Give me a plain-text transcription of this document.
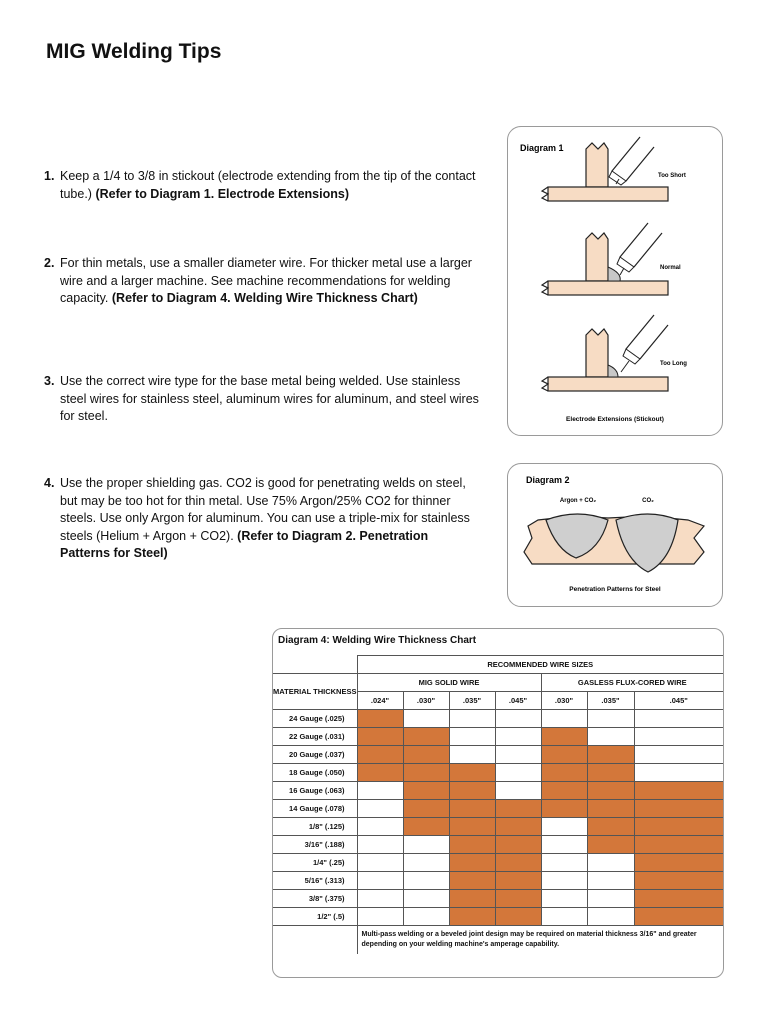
MIG Welding Tips
1. Keep a 1/4 to 3/8 in stickout (electrode extending from the tip of the contact tube.) (Refer to Diagram 1. Electrode Extensions)
2. For thin metals, use a smaller diameter wire. For thicker metal use a larger wire and a larger machine. See machine recommendations for welding capacity. (Refer to Diagram 4. Welding Wire Thickness Chart)
3. Use the correct wire type for the base metal being welded. Use stainless steel wires for stainless steel, aluminum wires for aluminum, and steel wires for steel.
4. Use the proper shielding gas. CO2 is good for penetrating welds on steel, but may be too hot for thin metal. Use 75% Argon/25% CO2 for thinner steels. Use only Argon for aluminum. You can use a triple-mix for stainless steels (Helium + Argon + CO2). (Refer to Diagram 2. Penetration Patterns for Steel)
Diagram 1
Too Short
Normal
Too Long
Electrode Extensions (Stickout)
Diagram 2
Argon + CO₂	CO₂
Penetration Patterns for Steel
Diagram 4: Welding Wire Thickness Chart
	RECOMMENDED WIRE SIZES						
MATERIAL THICKNESS	MIG SOLID WIRE				GASLESS FLUX-CORED WIRE		
	.024"	.030"	.035"	.045"	.030"	.035"	.045"
24 Gauge (.025)							
22 Gauge (.031)							
20 Gauge (.037)							
18 Gauge (.050)							
16 Gauge (.063)							
14 Gauge (.078)							
1/8" (.125)							
3/16" (.188)							
1/4" (.25)							
5/16" (.313)							
3/8" (.375)							
1/2" (.5)							
	Multi-pass welding or a beveled joint design may be required on material thickness 3/16" and greater depending on your welding machine's amperage capability.						
